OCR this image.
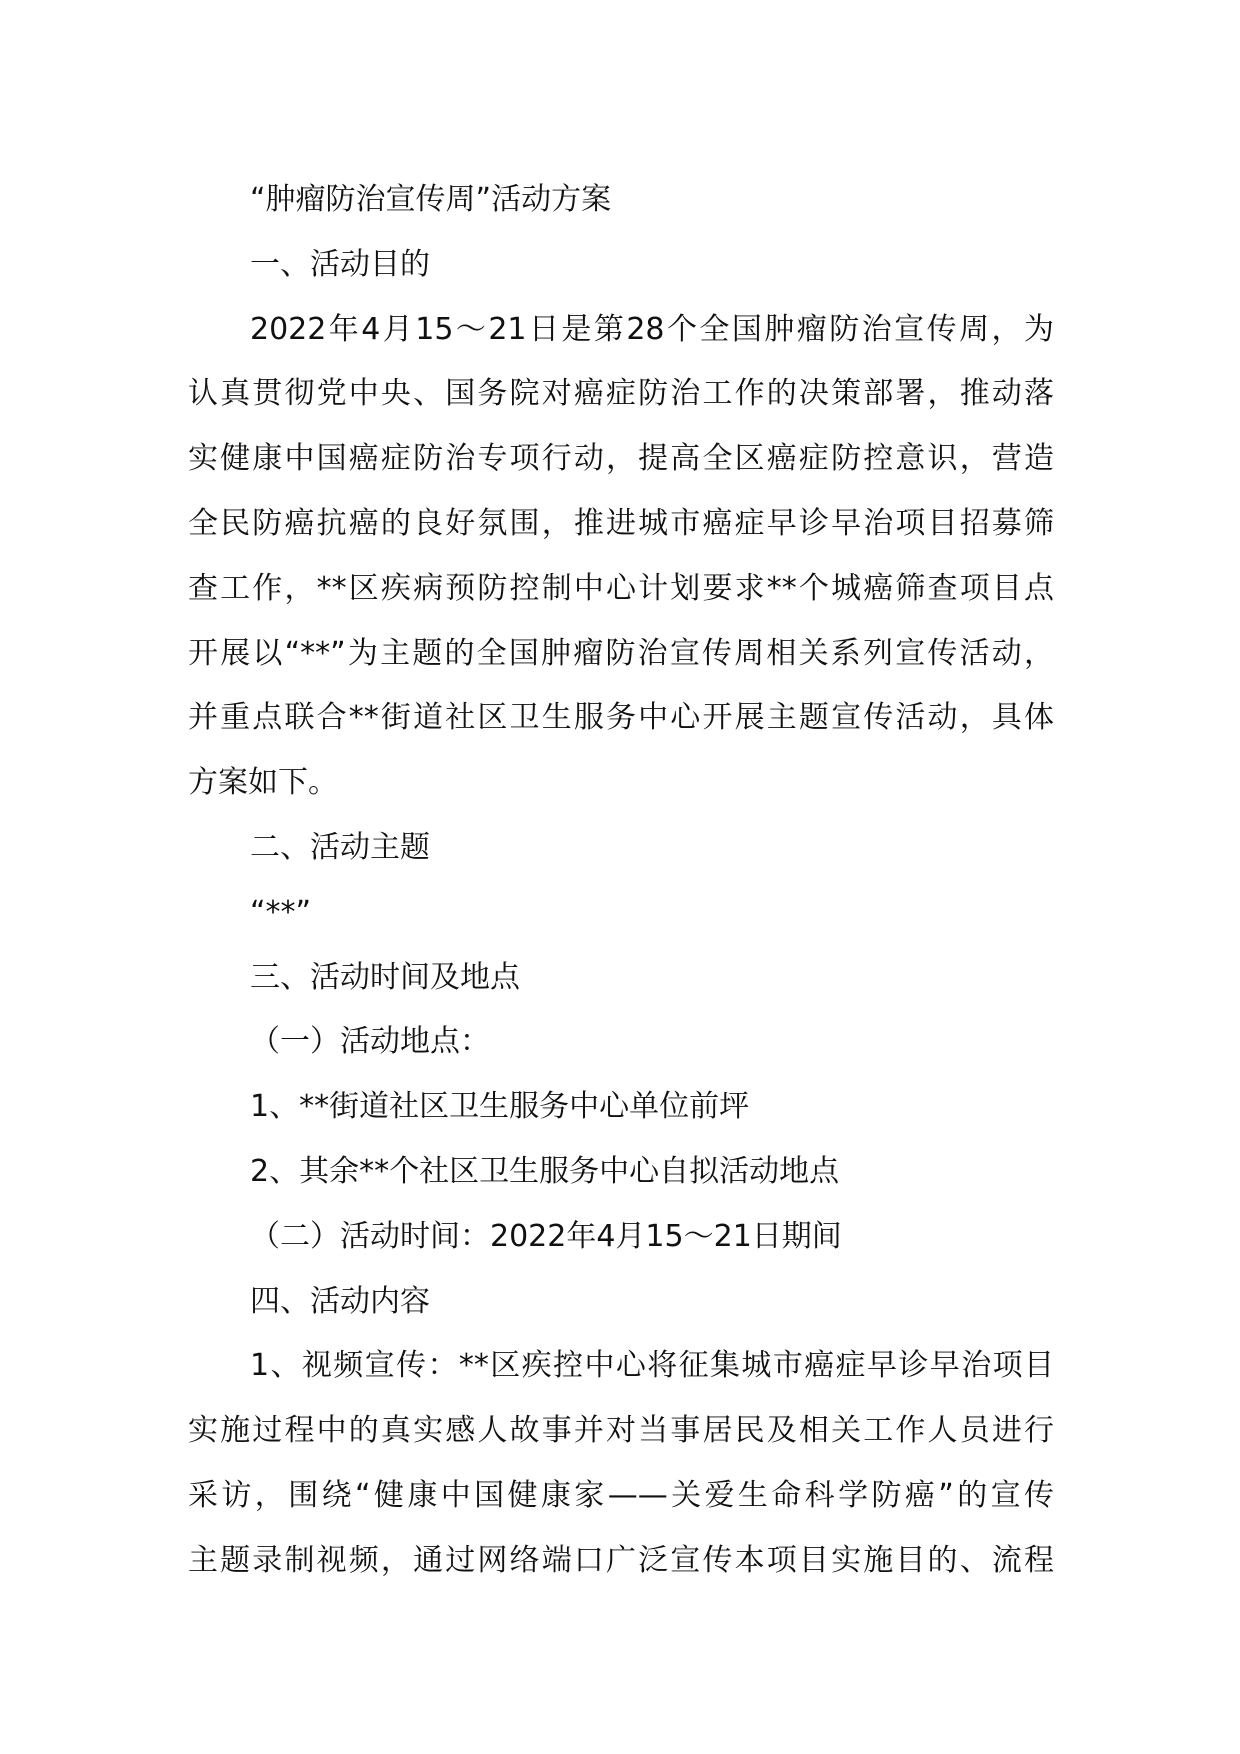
“肿瘤防治宣传周”活动方案
一、活动目的
2022年4月15～21日是第28个全国肿瘤防治宣传周，为
认真贯彻党中央、国务院对癌症防治工作的决策部署，推动落
实健康中国癌症防治专项行动，提高全区癌症防控意识，营造
全民防癌抗癌的良好氛围，推进城市癌症早诊早治项目招募筛
查工作，**区疾病预防控制中心计划要求**个城癌筛查项目点
开展以“**”为主题的全国肿瘤防治宣传周相关系列宣传活动，
并重点联合**街道社区卫生服务中心开展主题宣传活动，具体
方案如下。
二、活动主题
“**”
三、活动时间及地点
（一）活动地点：
1、**街道社区卫生服务中心单位前坪
2、其余**个社区卫生服务中心自拟活动地点
（二）活动时间：2022年4月15～21日期间
四、活动内容
1、视频宣传：**区疾控中心将征集城市癌症早诊早治项目
实施过程中的真实感人故事并对当事居民及相关工作人员进行
采访，围绕“健康中国健康家——关爱生命科学防癌”的宣传
主题录制视频，通过网络端口广泛宣传本项目实施目的、流程
